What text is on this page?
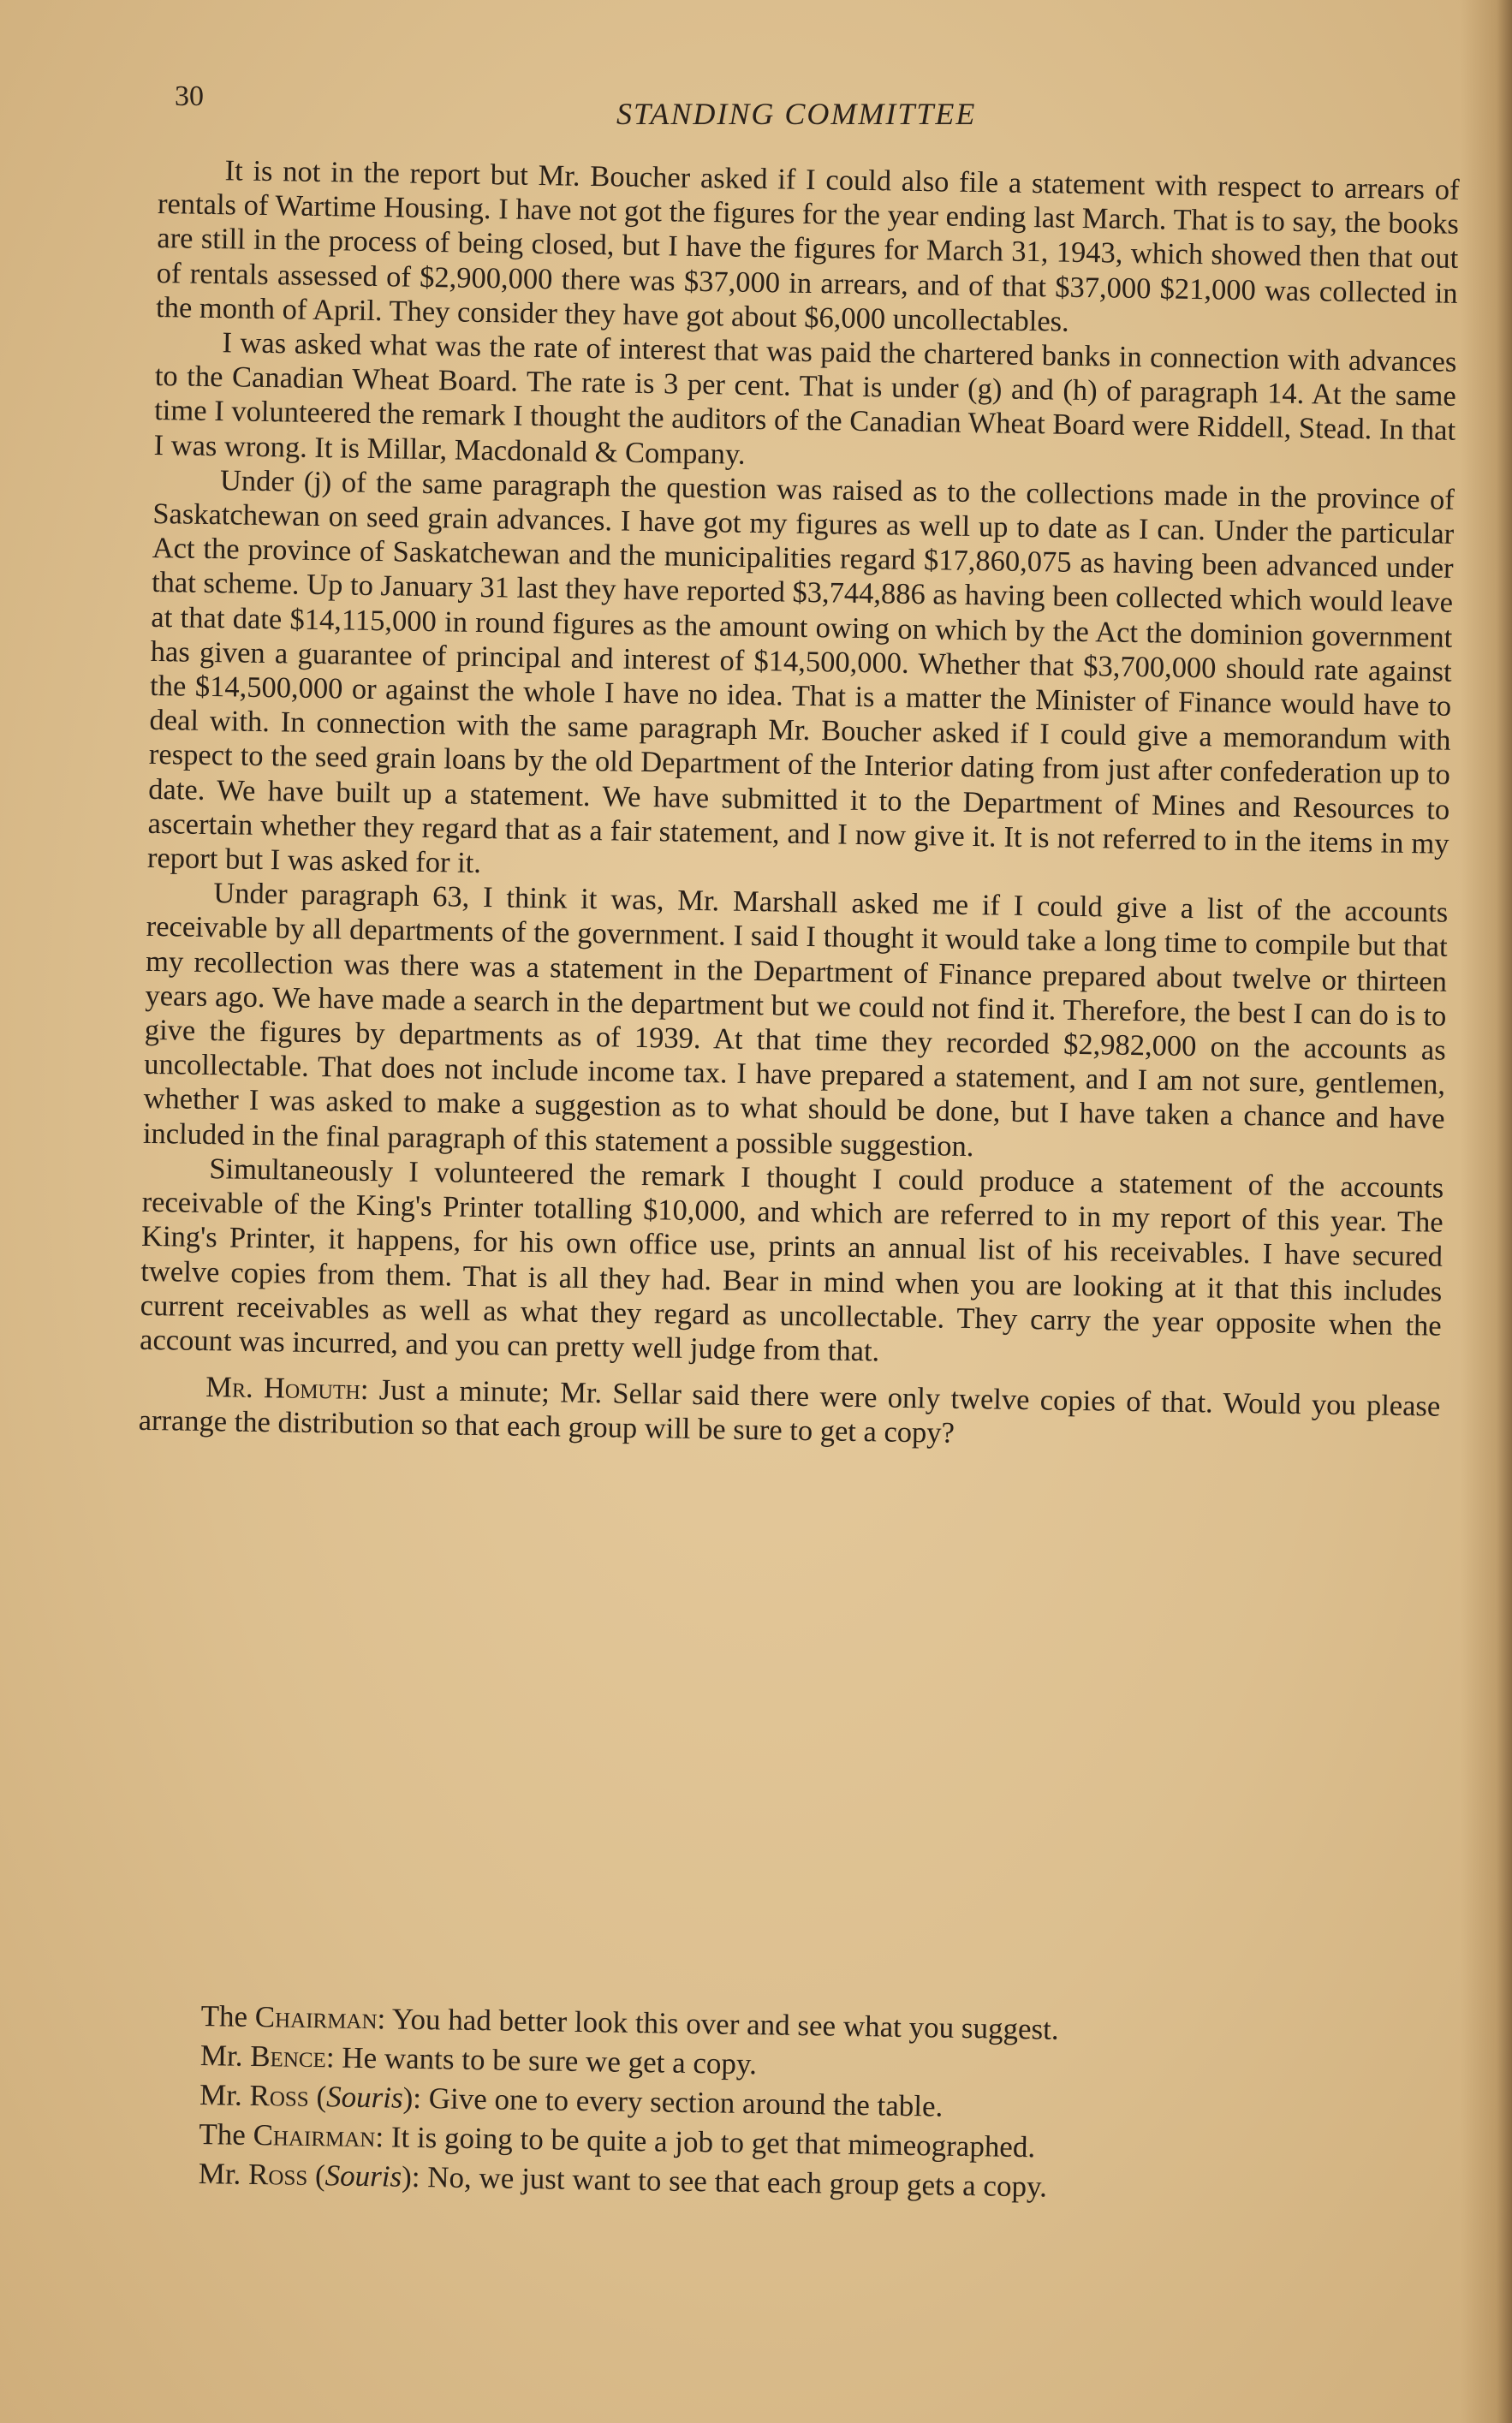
30
STANDING COMMITTEE

It is not in the report but Mr. Boucher asked if I could also file a statement with respect to arrears of rentals of Wartime Housing. I have not got the figures for the year ending last March. That is to say, the books are still in the process of being closed, but I have the figures for March 31, 1943, which showed then that out of rentals assessed of $2,900,000 there was $37,000 in arrears, and of that $37,000 $21,000 was collected in the month of April. They consider they have got about $6,000 uncollectables.

I was asked what was the rate of interest that was paid the chartered banks in connection with advances to the Canadian Wheat Board. The rate is 3 per cent. That is under (g) and (h) of paragraph 14. At the same time I volunteered the remark I thought the auditors of the Canadian Wheat Board were Riddell, Stead. In that I was wrong. It is Millar, Macdonald & Company.

Under (j) of the same paragraph the question was raised as to the collections made in the province of Saskatchewan on seed grain advances. I have got my figures as well up to date as I can. Under the particular Act the province of Saskatchewan and the municipalities regard $17,860,075 as having been advanced under that scheme. Up to January 31 last they have reported $3,744,886 as having been collected which would leave at that date $14,115,000 in round figures as the amount owing on which by the Act the dominion government has given a guarantee of principal and interest of $14,500,000. Whether that $3,700,000 should rate against the $14,500,000 or against the whole I have no idea. That is a matter the Minister of Finance would have to deal with. In connection with the same paragraph Mr. Boucher asked if I could give a memorandum with respect to the seed grain loans by the old Department of the Interior dating from just after confederation up to date. We have built up a statement. We have submitted it to the Department of Mines and Resources to ascertain whether they regard that as a fair statement, and I now give it. It is not referred to in the items in my report but I was asked for it.

Under paragraph 63, I think it was, Mr. Marshall asked me if I could give a list of the accounts receivable by all departments of the government. I said I thought it would take a long time to compile but that my recollection was there was a statement in the Department of Finance prepared about twelve or thirteen years ago. We have made a search in the department but we could not find it. Therefore, the best I can do is to give the figures by departments as of 1939. At that time they recorded $2,982,000 on the accounts as uncollectable. That does not include income tax. I have prepared a statement, and I am not sure, gentlemen, whether I was asked to make a suggestion as to what should be done, but I have taken a chance and have included in the final paragraph of this statement a possible suggestion.

Simultaneously I volunteered the remark I thought I could produce a statement of the accounts receivable of the King's Printer totalling $10,000, and which are referred to in my report of this year. The King's Printer, it happens, for his own office use, prints an annual list of his receivables. I have secured twelve copies from them. That is all they had. Bear in mind when you are looking at it that this includes current receivables as well as what they regard as uncollectable. They carry the year opposite when the account was incurred, and you can pretty well judge from that.

Mr. Homuth: Just a minute; Mr. Sellar said there were only twelve copies of that. Would you please arrange the distribution so that each group will be sure to get a copy?

The Chairman: You had better look this over and see what you suggest.

Mr. Bence: He wants to be sure we get a copy.

Mr. Ross (Souris): Give one to every section around the table.

The Chairman: It is going to be quite a job to get that mimeographed.

Mr. Ross (Souris): No, we just want to see that each group gets a copy.
